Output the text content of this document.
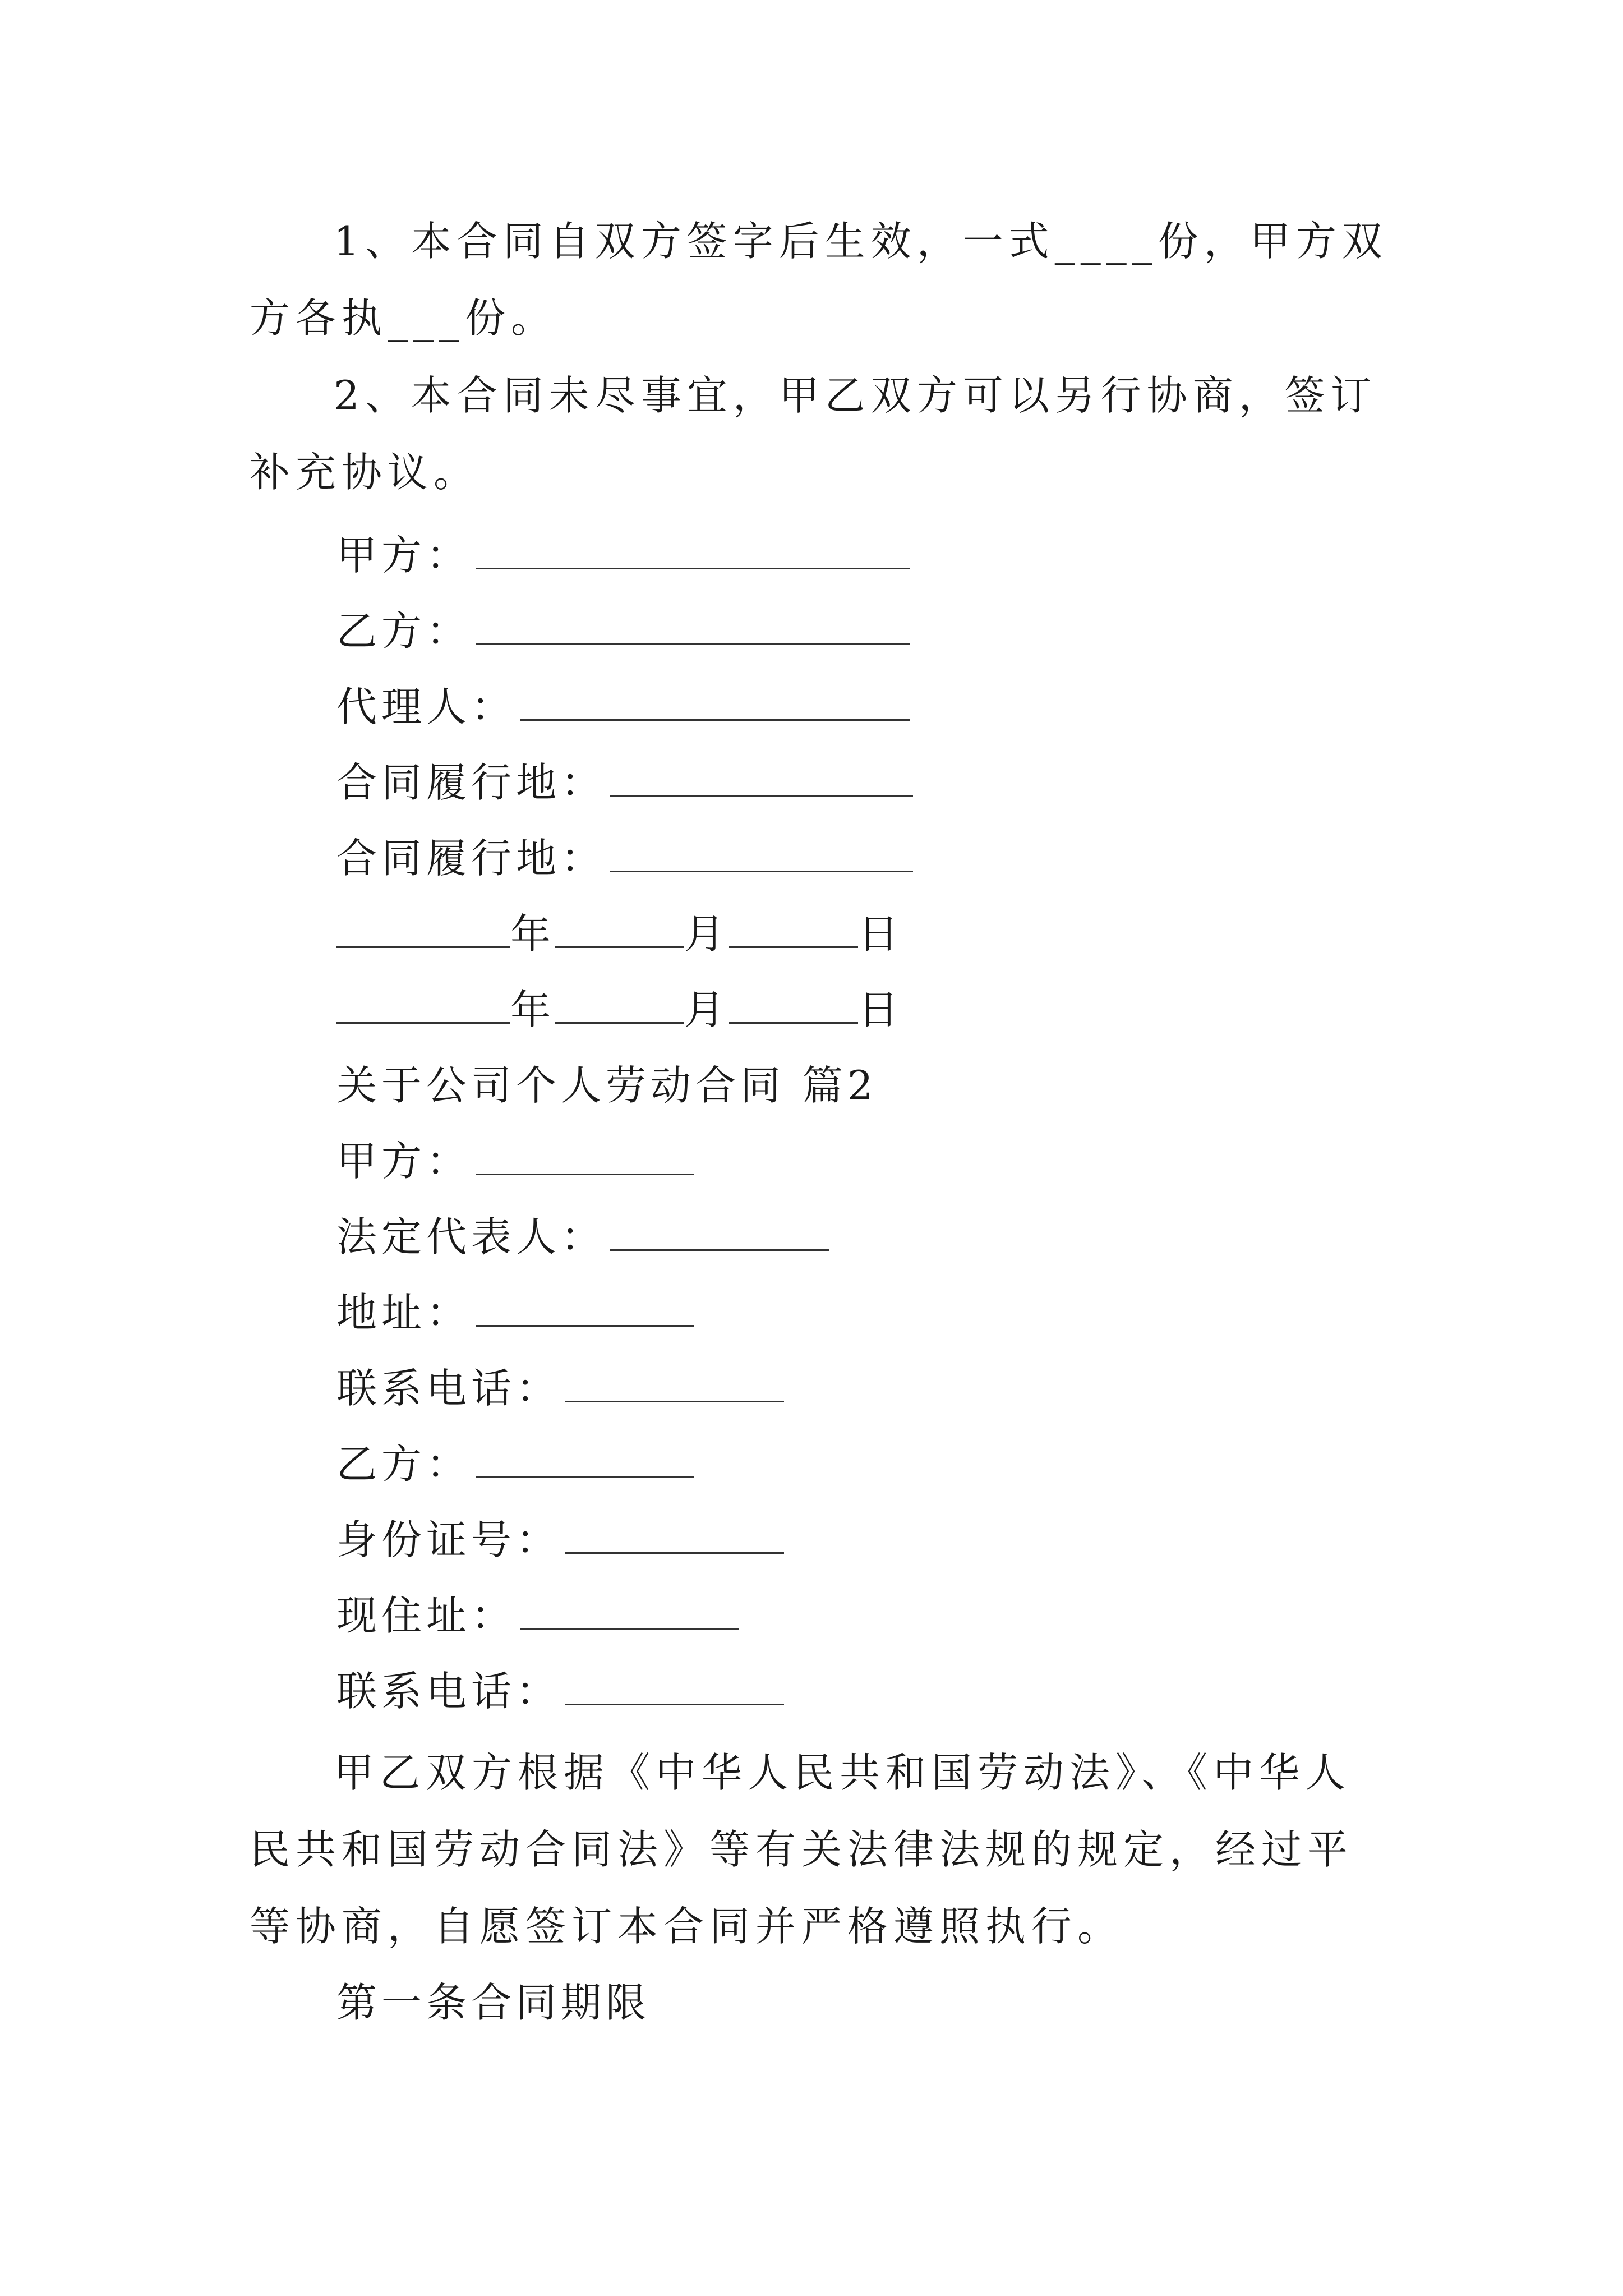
1、本合同自双方签字后生效，一式____份，甲方双方各执___份。

2、本合同未尽事宜，甲乙双方可以另行协商，签订补充协议。

甲方：
乙方：
代理人：
合同履行地：
合同履行地：
年	月	日
年	月	日
关于公司个人劳动合同 篇2
甲方：
法定代表人：
地址：
联系电话：
乙方：
身份证号：
现住址：
联系电话：

甲乙双方根据《中华人民共和国劳动法》、《中华人民共和国劳动合同法》等有关法律法规的规定，经过平等协商，自愿签订本合同并严格遵照执行。

第一条合同期限
